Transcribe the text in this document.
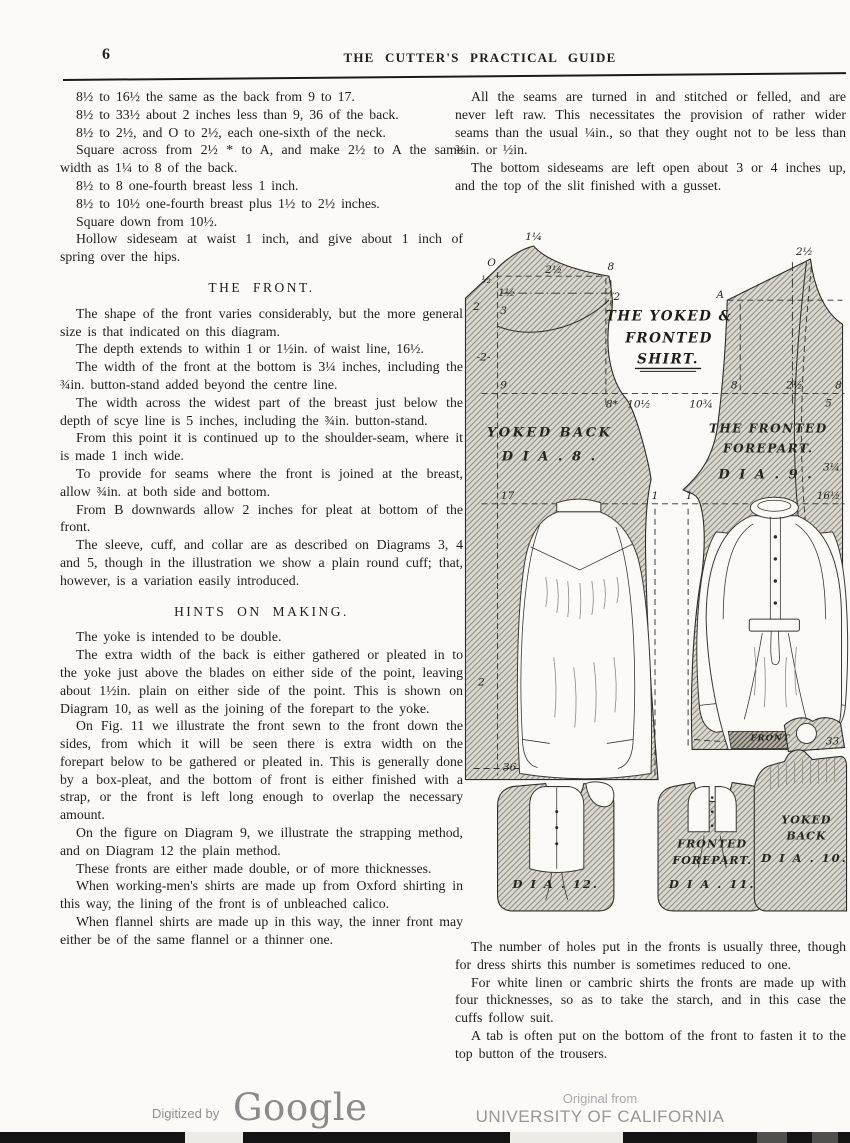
6	THE CUTTER'S PRACTICAL GUIDE

8½ to 16½ the same as the back from 9 to 17.

8½ to 33½ about 2 inches less than 9, 36 of the back.

8½ to 2½, and O to 2½, each one-sixth of the neck.

Square across from 2½ * to A, and make 2½ to A the same width as 1¼ to 8 of the back.

8½ to 8 one-fourth breast less 1 inch.

8½ to 10½ one-fourth breast plus 1½ to 2½ inches.

Square down from 10½.

Hollow sideseam at waist 1 inch, and give about 1 inch of spring over the hips.

THE FRONT.

The shape of the front varies considerably, but the more general size is that indicated on this diagram.

The depth extends to within 1 or 1½in. of waist line, 16½.

The width of the front at the bottom is 3¼ inches, including the ¾in. button-stand added beyond the centre line.

The width across the widest part of the breast just below the depth of scye line is 5 inches, including the ¾in. button-stand.

From this point it is continued up to the shoulder-seam, where it is made 1 inch wide.

To provide for seams where the front is joined at the breast, allow ¾in. at both side and bottom.

From B downwards allow 2 inches for pleat at bottom of the front.

The sleeve, cuff, and collar are as described on Diagrams 3, 4 and 5, though in the illustration we show a plain round cuff; that, however, is a variation easily introduced.

HINTS ON MAKING.

The yoke is intended to be double.

The extra width of the back is either gathered or pleated in to the yoke just above the blades on either side of the point, leaving about 1½in. plain on either side of the point. This is shown on Diagram 10, as well as the joining of the forepart to the yoke.

On Fig. 11 we illustrate the front sewn to the front down the sides, from which it will be seen there is extra width on the forepart below to be gathered or pleated in. This is generally done by a box-pleat, and the bottom of front is either finished with a strap, or the front is left long enough to overlap the necessary amount.

On the figure on Diagram 9, we illustrate the strapping method, and on Diagram 12 the plain method.

These fronts are either made double, or of more thicknesses.

When working-men's shirts are made up from Oxford shirting in this way, the lining of the front is of unbleached calico.

When flannel shirts are made up in this way, the inner front may either be of the same flannel or a thinner one.

All the seams are turned in and stitched or felled, and are never left raw. This necessitates the provision of rather wider seams than the usual ¼in., so that they ought not to be less than ⅜in. or ½in.

The bottom sideseams are left open about 3 or 4 inches up, and the top of the slit finished with a gusset.

1¼
O
2½	8
½
1½
2 3
2
-2-
9
8* 10½	10¾
8	2½	8
5
A
2½
3¼
16½
17	1	1
2
36
33
THE YOKED &
FRONTED
SHIRT.
YOKED BACK
D I A . 8 .
THE FRONTED
FOREPART.
D I A . 9 .
D I A . 12.
FRONTED
FOREPART.
D I A . 11.
YOKED
BACK
D I A . 10.
FRONT

The number of holes put in the fronts is usually three, though for dress shirts this number is sometimes reduced to one.

For white linen or cambric shirts the fronts are made up with four thicknesses, so as to take the starch, and in this case the cuffs follow suit.

A tab is often put on the bottom of the front to fasten it to the top button of the trousers.

Digitized by Google	Original from
UNIVERSITY OF CALIFORNIA
